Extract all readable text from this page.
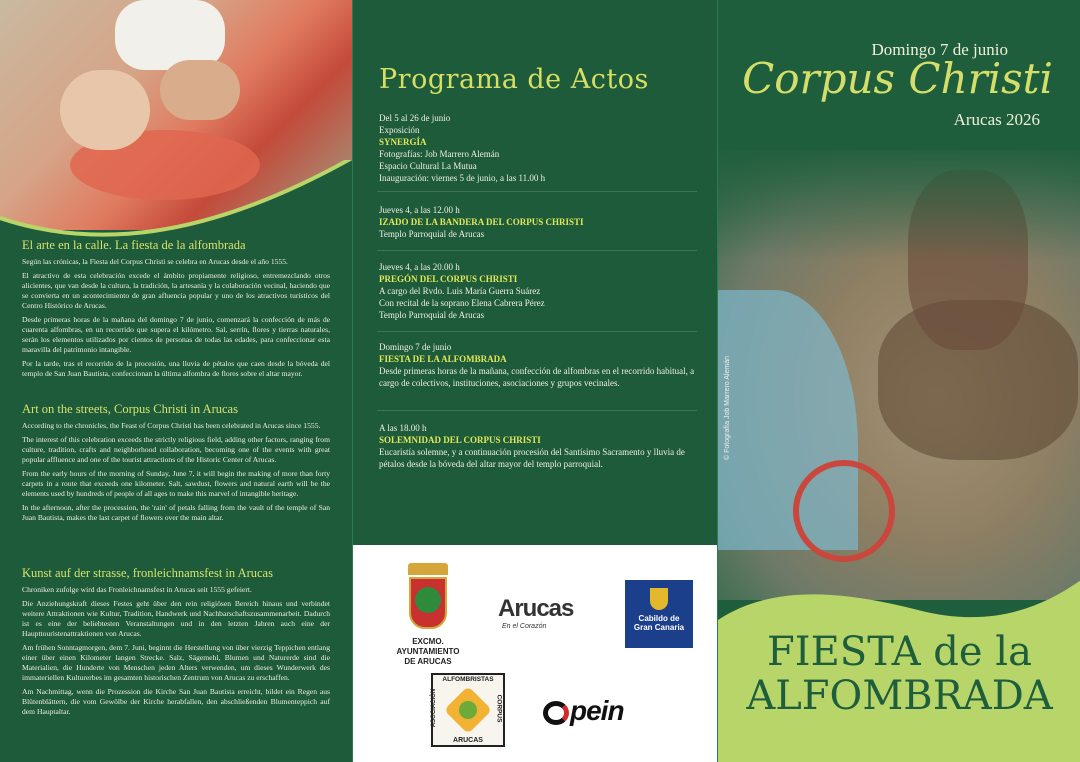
El arte en la calle. La fiesta de la alfombrada

Según las crónicas, la Fiesta del Corpus Christi se celebra en Arucas desde el año 1555.

El atractivo de esta celebración excede el ámbito propiamente religioso, entremezclando otros alicientes, que van desde la cultura, la tradición, la artesanía y la colaboración vecinal, haciendo que se convierta en un acontecimiento de gran afluencia popular y uno de los atractivos turísticos del Centro Histórico de Arucas.

Desde primeras horas de la mañana del domingo 7 de junio, comenzará la confección de más de cuarenta alfombras, en un recorrido que supera el kilómetro. Sal, serrín, flores y tierras naturales, serán los elementos utilizados por cientos de personas de todas las edades, para confeccionar esta maravilla del patrimonio intangible.

Por la tarde, tras el recorrido de la procesión, una lluvia de pétalos que caen desde la bóveda del templo de San Juan Bautista, confeccionan la última alfombra de flores sobre el altar mayor.

Art on the streets, Corpus Christi in Arucas

According to the chronicles, the Feast of Corpus Christi has been celebrated in Arucas since 1555.

The interest of this celebration exceeds the strictly religious field, adding other factors, ranging from culture, tradition, crafts and neighborhood collaboration, becoming one of the events with great popular affluence and one of the tourist attractions of the Historic Center of Arucas.

From the early hours of the morning of Sunday, June 7, it will begin the making of more than forty carpets in a route that exceeds one kilometer. Salt, sawdust, flowers and natural earth will be the elements used by hundreds of people of all ages to make this marvel of intangible heritage.

In the afternoon, after the procession, the 'rain' of petals falling from the vault of the temple of San Juan Bautista, makes the last carpet of flowers over the main altar.

Kunst auf der strasse, fronleichnamsfest in Arucas

Chroniken zufolge wird das Fronleichnamsfest in Arucas seit 1555 gefeiert.

Die Anziehungskraft dieses Festes geht über den rein religiösen Bereich hinaus und verbindet weitere Attraktionen wie Kultur, Tradition, Handwerk und Nachbarschaftszusammenarbeit. Dadurch ist es eine der beliebtesten Veranstaltungen und in den letzten Jahren auch eine der Haupttouristenattraktionen von Arucas.

Am frühen Sonntagmorgen, dem 7. Juni, beginnt die Herstellung von über vierzig Teppichen entlang einer über einen Kilometer langen Strecke. Salz, Sägemehl, Blumen und Naturerde sind die Materialien, die Hunderte von Menschen jeden Alters verwenden, um dieses Wunderwerk des immateriellen Kulturerbes im gesamten historischen Zentrum von Arucas zu erschaffen.

Am Nachmittag, wenn die Prozession die Kirche San Juan Bautista erreicht, bildet ein Regen aus Blütenblättern, die vom Gewölbe der Kirche herabfallen, den abschließenden Blumenteppich auf dem Hauptaltar.

Programa de Actos
Del 5 al 26 de junio
Exposición
SYNERGÍA
Fotografías: Job Marrero Alemán
Espacio Cultural La Mutua
Inauguración: viernes 5 de junio, a las 11.00 h
Jueves 4, a las 12.00 h
IZADO DE LA BANDERA DEL CORPUS CHRISTI
Templo Parroquial de Arucas
Jueves 4, a las 20.00 h
PREGÓN DEL CORPUS CHRISTI
A cargo del Rvdo. Luis María Guerra Suárez
Con recital de la soprano Elena Cabrera Pérez
Templo Parroquial de Arucas
Domingo 7 de junio
FIESTA DE LA ALFOMBRADA
Desde primeras horas de la mañana, confección de alfombras en el recorrido habitual, a cargo de colectivos, instituciones, asociaciones y grupos vecinales.
A las 18.00 h
SOLEMNIDAD DEL CORPUS CHRISTI
Eucaristía solemne, y a continuación procesión del Santísimo Sacramento y lluvia de pétalos desde la bóveda del altar mayor del templo parroquial.
EXCMO. AYUNTAMIENTO
DE ARUCAS
Arucas
En el Corazón
Cabildo de
Gran Canaria
ALFOMBRISTAS
ASOCIACIÓN	CORPUS
ARUCAS
pein
© Fotografía Job Marrero Alemán
Domingo 7 de junio
Corpus Christi
Arucas 2026
FIESTA de la
ALFOMBRADA
